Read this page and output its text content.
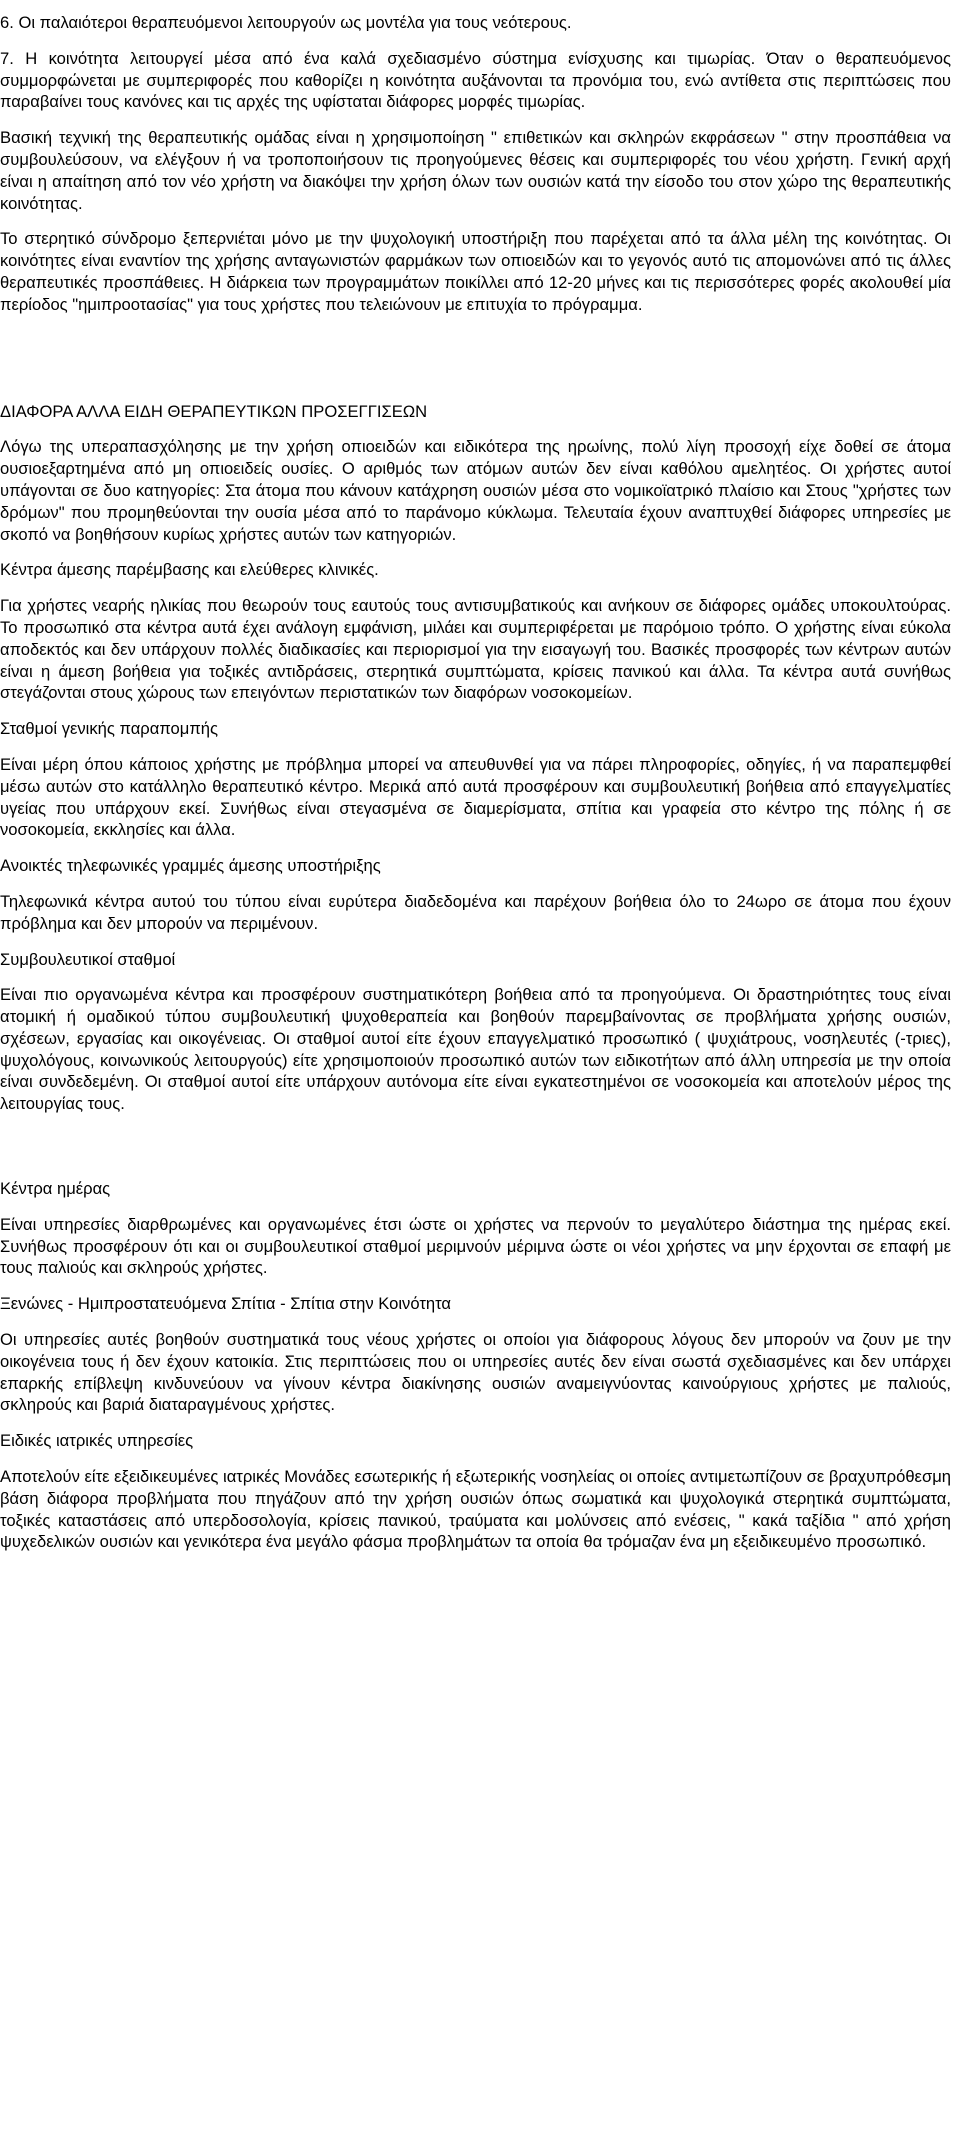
6. Οι παλαιότεροι θεραπευόμενοι λειτουργούν ως μοντέλα για τους νεότερους.

7. Η κοινότητα λειτουργεί μέσα από ένα καλά σχεδιασμένο σύστημα ενίσχυσης και τιμωρίας. Όταν ο θεραπευόμενος συμμορφώνεται με συμπεριφορές που καθορίζει η κοινότητα αυξάνονται τα προνόμια του, ενώ αντίθετα στις περιπτώσεις που παραβαίνει τους κανόνες και τις αρχές της υφίσταται διάφορες μορφές τιμωρίας.

Βασική τεχνική της θεραπευτικής ομάδας είναι η χρησιμοποίηση " επιθετικών και σκληρών εκφράσεων " στην προσπάθεια να συμβουλεύσουν, να ελέγξουν ή να τροποποιήσουν τις προηγούμενες θέσεις και συμπεριφορές του νέου χρήστη. Γενική αρχή είναι η απαίτηση από τον νέο χρήστη να διακόψει την χρήση όλων των ουσιών κατά την είσοδο του στον χώρο της θεραπευτικής κοινότητας.

Το στερητικό σύνδρομο ξεπερνιέται μόνο με την ψυχολογική υποστήριξη που παρέχεται από τα άλλα μέλη της κοινότητας. Οι κοινότητες είναι εναντίον της χρήσης ανταγωνιστών φαρμάκων των οπιοειδών και το γεγονός αυτό τις απομονώνει από τις άλλες θεραπευτικές προσπάθειες. Η διάρκεια των προγραμμάτων ποικίλλει από 12-20 μήνες και τις περισσότερες φορές ακολουθεί μία περίοδος "ημιπροοτασίας" για τους χρήστες που τελειώνουν με επιτυχία το πρόγραμμα.

ΔΙΑΦΟΡΑ ΑΛΛΑ ΕΙΔΗ ΘΕΡΑΠΕΥΤΙΚΩΝ ΠΡΟΣΕΓΓΙΣΕΩΝ

Λόγω της υπεραπασχόλησης με την χρήση οπιοειδών και ειδικότερα της ηρωίνης, πολύ λίγη προσοχή είχε δοθεί σε άτομα ουσιοεξαρτημένα από μη οπιοειδείς ουσίες. Ο αριθμός των ατόμων αυτών δεν είναι καθόλου αμελητέος. Οι χρήστες αυτοί υπάγονται σε δυο κατηγορίες: Στα άτομα που κάνουν κατάχρηση ουσιών μέσα στο νομικοϊατρικό πλαίσιο και Στους "χρήστες των δρόμων" που προμηθεύονται την ουσία μέσα από το παράνομο κύκλωμα. Τελευταία έχουν αναπτυχθεί διάφορες υπηρεσίες με σκοπό να βοηθήσουν κυρίως χρήστες αυτών των κατηγοριών.

Κέντρα άμεσης παρέμβασης και ελεύθερες κλινικές.

Για χρήστες νεαρής ηλικίας που θεωρούν τους εαυτούς τους αντισυμβατικούς και ανήκουν σε διάφορες ομάδες υποκουλτούρας. Το προσωπικό στα κέντρα αυτά έχει ανάλογη εμφάνιση, μιλάει και συμπεριφέρεται με παρόμοιο τρόπο. Ο χρήστης είναι εύκολα αποδεκτός και δεν υπάρχουν πολλές διαδικασίες και περιορισμοί για την εισαγωγή του. Βασικές προσφορές των κέντρων αυτών είναι η άμεση βοήθεια για τοξικές αντιδράσεις, στερητικά συμπτώματα, κρίσεις πανικού και άλλα. Τα κέντρα αυτά συνήθως στεγάζονται στους χώρους των επειγόντων περιστατικών των διαφόρων νοσοκομείων.

Σταθμοί γενικής παραπομπής

Είναι μέρη όπου κάποιος χρήστης με πρόβλημα μπορεί να απευθυνθεί για να πάρει πληροφορίες, οδηγίες, ή να παραπεμφθεί μέσω αυτών στο κατάλληλο θεραπευτικό κέντρο. Μερικά από αυτά προσφέρουν και συμβουλευτική βοήθεια από επαγγελματίες υγείας που υπάρχουν εκεί. Συνήθως είναι στεγασμένα σε διαμερίσματα, σπίτια και γραφεία στο κέντρο της πόλης ή σε νοσοκομεία, εκκλησίες και άλλα.

Ανοικτές τηλεφωνικές γραμμές άμεσης υποστήριξης

Τηλεφωνικά κέντρα αυτού του τύπου είναι ευρύτερα διαδεδομένα και παρέχουν βοήθεια όλο το 24ωρο σε άτομα που έχουν πρόβλημα και δεν μπορούν να περιμένουν.

Συμβουλευτικοί σταθμοί

Είναι πιο οργανωμένα κέντρα και προσφέρουν συστηματικότερη βοήθεια από τα προηγούμενα. Οι δραστηριότητες τους είναι ατομική ή ομαδικού τύπου συμβουλευτική ψυχοθεραπεία και βοηθούν παρεμβαίνοντας σε προβλήματα χρήσης ουσιών, σχέσεων, εργασίας και οικογένειας. Οι σταθμοί αυτοί είτε έχουν επαγγελματικό προσωπικό ( ψυχιάτρους, νοσηλευτές (-τριες), ψυχολόγους, κοινωνικούς λειτουργούς) είτε χρησιμοποιούν προσωπικό αυτών των ειδικοτήτων από άλλη υπηρεσία με την οποία είναι συνδεδεμένη. Οι σταθμοί αυτοί είτε υπάρχουν αυτόνομα είτε είναι εγκατεστημένοι σε νοσοκομεία και αποτελούν μέρος της λειτουργίας τους.

Κέντρα ημέρας

Είναι υπηρεσίες διαρθρωμένες και οργανωμένες έτσι ώστε οι χρήστες να περνούν το μεγαλύτερο διάστημα της ημέρας εκεί. Συνήθως προσφέρουν ότι και οι συμβουλευτικοί σταθμοί μεριμνούν μέριμνα ώστε οι νέοι χρήστες να μην έρχονται σε επαφή με τους παλιούς και σκληρούς χρήστες.

Ξενώνες - Ημιπροστατευόμενα Σπίτια - Σπίτια στην Κοινότητα

Οι υπηρεσίες αυτές βοηθούν συστηματικά τους νέους χρήστες οι οποίοι για διάφορους λόγους δεν μπορούν να ζουν με την οικογένεια τους ή δεν έχουν κατοικία. Στις περιπτώσεις που οι υπηρεσίες αυτές δεν είναι σωστά σχεδιασμένες και δεν υπάρχει επαρκής επίβλεψη κινδυνεύουν να γίνουν κέντρα διακίνησης ουσιών αναμειγνύοντας καινούργιους χρήστες με παλιούς, σκληρούς και βαριά διαταραγμένους χρήστες.

Ειδικές ιατρικές υπηρεσίες

Αποτελούν είτε εξειδικευμένες ιατρικές Μονάδες εσωτερικής ή εξωτερικής νοσηλείας οι οποίες αντιμετωπίζουν σε βραχυπρόθεσμη βάση διάφορα προβλήματα που πηγάζουν από την χρήση ουσιών όπως σωματικά και ψυχολογικά στερητικά συμπτώματα, τοξικές καταστάσεις από υπερδοσολογία, κρίσεις πανικού, τραύματα και μολύνσεις από ενέσεις, " κακά ταξίδια " από χρήση ψυχεδελικών ουσιών και γενικότερα ένα μεγάλο φάσμα προβλημάτων τα οποία θα τρόμαζαν ένα μη εξειδικευμένο προσωπικό.
